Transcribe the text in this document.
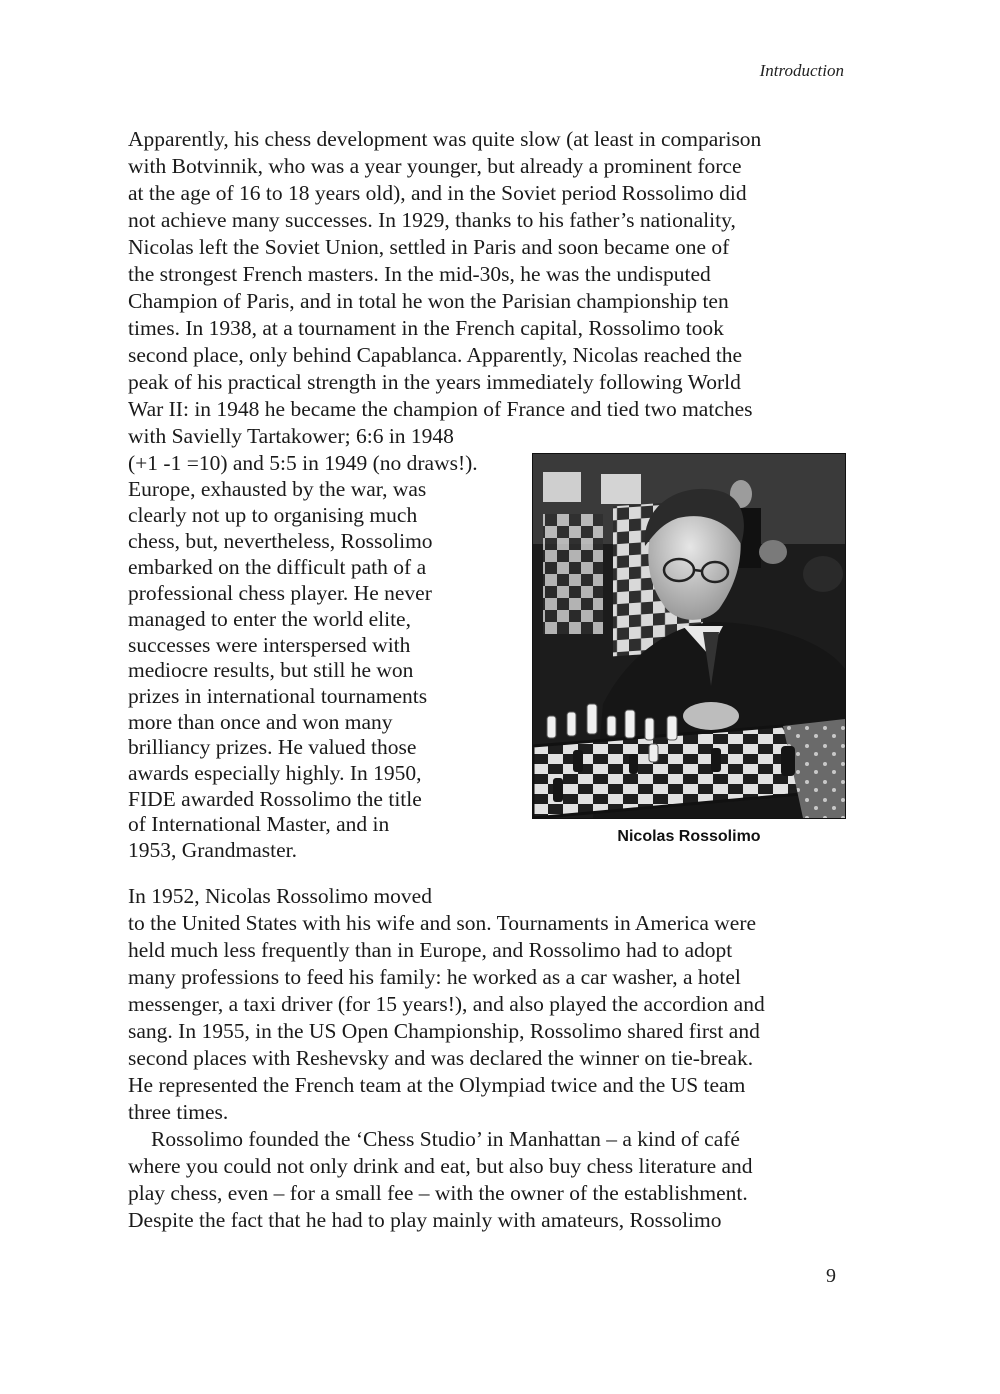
Introduction
Apparently, his chess development was quite slow (at least in comparison
with Botvinnik, who was a year younger, but already a prominent force
at the age of 16 to 18 years old), and in the Soviet period Rossolimo did
not achieve many successes. In 1929, thanks to his father’s nationality,
Nicolas left the Soviet Union, settled in Paris and soon became one of
the strongest French masters. In the mid-30s, he was the undisputed
Champion of Paris, and in total he won the Parisian championship ten
times. In 1938, at a tournament in the French capital, Rossolimo took
second place, only behind Capablanca. Apparently, Nicolas reached the
peak of his practical strength in the years immediately following World
War II: in 1948 he became the champion of France and tied two matches
with Savielly Tartakower; 6:6 in 1948
(+1 -1 =10) and 5:5 in 1949 (no draws!).
Europe, exhausted by the war, was
clearly not up to organising much
chess, but, nevertheless, Rossolimo
embarked on the difficult path of a
professional chess player. He never
managed to enter the world elite,
successes were interspersed with
mediocre results, but still he won
prizes in international tournaments
more than once and won many
brilliancy prizes. He valued those
awards especially highly. In 1950,
FIDE awarded Rossolimo the title
of International Master, and in
1953, Grandmaster.
In 1952, Nicolas Rossolimo moved
to the United States with his wife and son. Tournaments in America were
held much less frequently than in Europe, and Rossolimo had to adopt
many professions to feed his family: he worked as a car washer, a hotel
messenger, a taxi driver (for 15 years!), and also played the accordion and
sang. In 1955, in the US Open Championship, Rossolimo shared first and
second places with Reshevsky and was declared the winner on tie-break.
He represented the French team at the Olympiad twice and the US team
three times.
Rossolimo founded the ‘Chess Studio’ in Manhattan – a kind of café
where you could not only drink and eat, but also buy chess literature and
play chess, even – for a small fee – with the owner of the establishment.
Despite the fact that he had to play mainly with amateurs, Rossolimo
Nicolas Rossolimo
9
